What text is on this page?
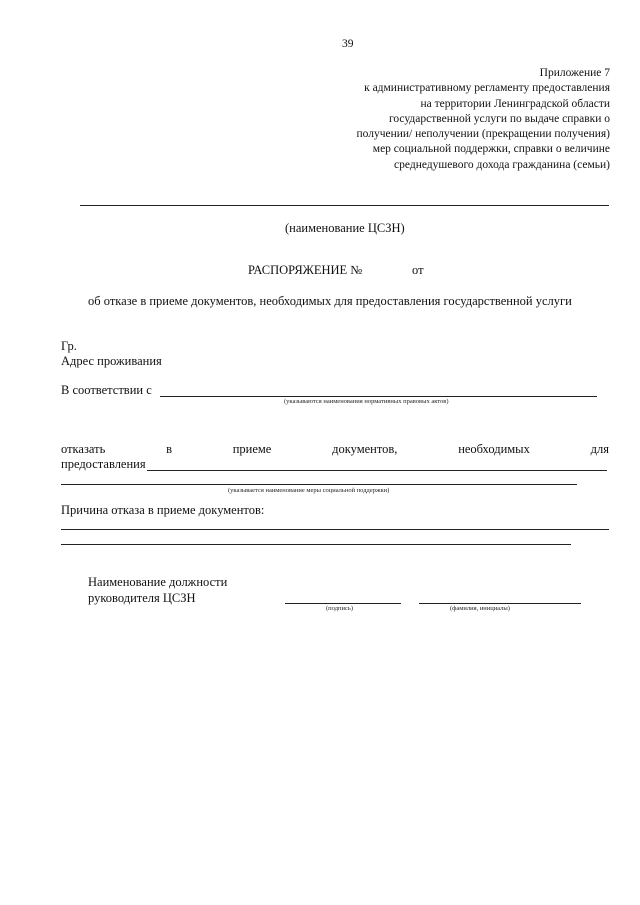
39
Приложение 7
к административному регламенту предоставления
на территории Ленинградской области
государственной услуги по выдаче справки о
получении/ неполучении (прекращении получения)
мер социальной поддержки, справки о величине
среднедушевого дохода гражданина (семьи)
(наименование ЦСЗН)
РАСПОРЯЖЕНИЕ №	от
об отказе в приеме документов, необходимых для предоставления государственной услуги
Гр.
Адрес проживания
В соответствии с
(указываются наименования нормативных правовых актов)
отказать	в	приеме	документов,	необходимых	для
предоставления
(указывается наименование меры социальной поддержки)
Причина отказа в приеме документов:
Наименование должности
руководителя ЦСЗН
(подпись)	(фамилия, инициалы)
